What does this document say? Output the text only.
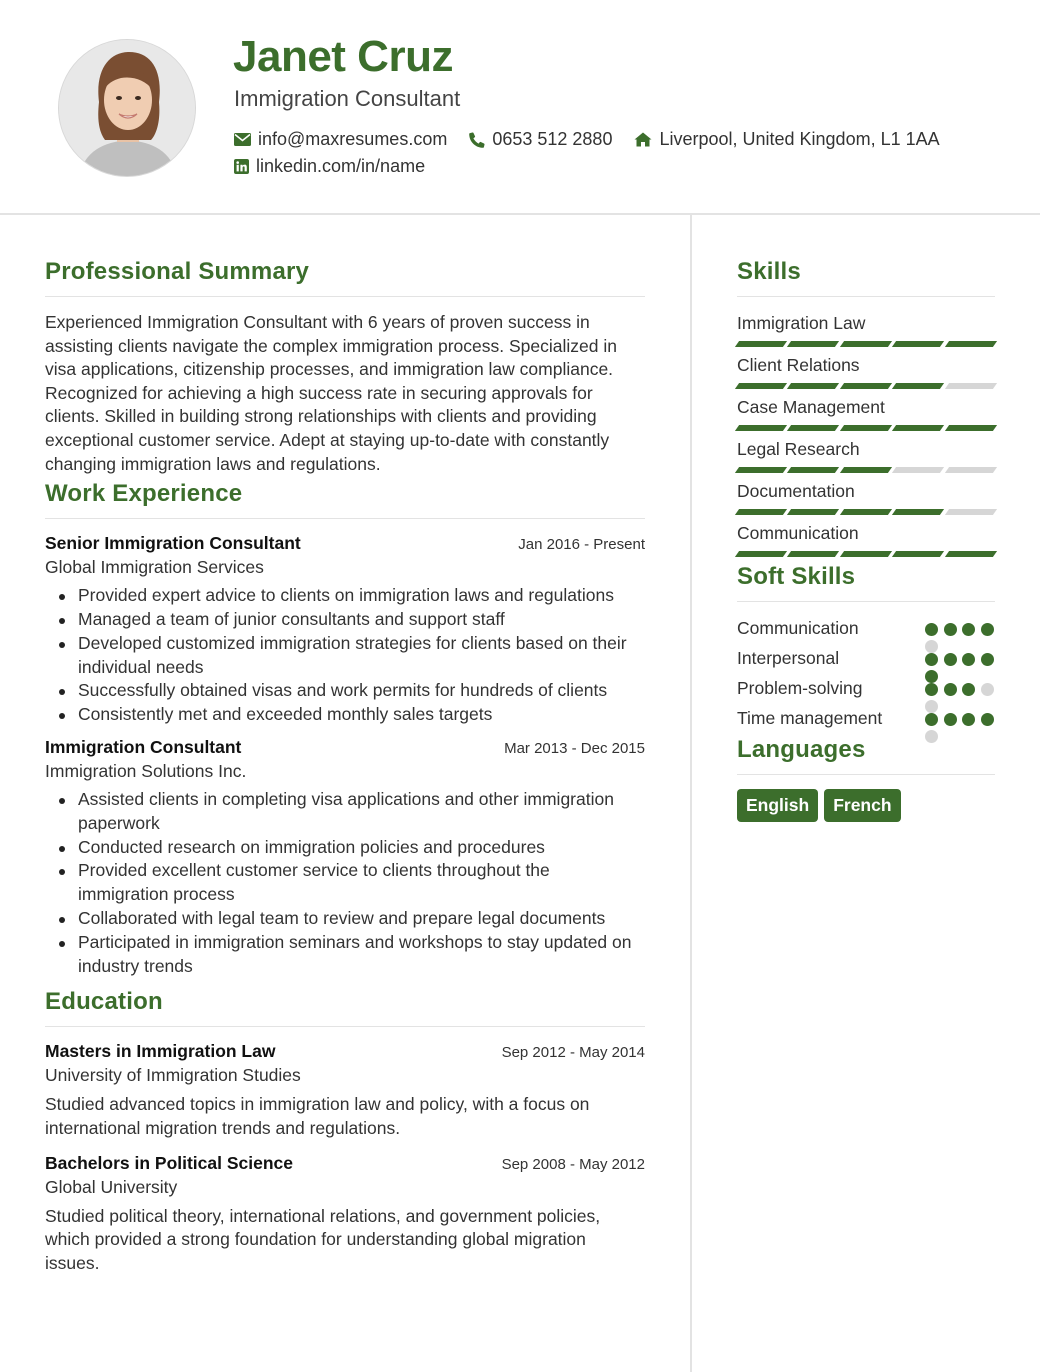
Janet Cruz
Immigration Consultant
info@maxresumes.com	0653 512 2880	Liverpool, United Kingdom, L1 1AA
linkedin.com/in/name
Professional Summary

Experienced Immigration Consultant with 6 years of proven success in assisting clients navigate the complex immigration process. Specialized in visa applications, citizenship processes, and immigration law compliance. Recognized for achieving a high success rate in securing approvals for clients. Skilled in building strong relationships with clients and providing exceptional customer service. Adept at staying up-to-date with constantly changing immigration laws and regulations.

Work Experience
Senior Immigration Consultant	Jan 2016 - Present
Global Immigration Services
Provided expert advice to clients on immigration laws and regulations
Managed a team of junior consultants and support staff
Developed customized immigration strategies for clients based on their individual needs
Successfully obtained visas and work permits for hundreds of clients
Consistently met and exceeded monthly sales targets
Immigration Consultant	Mar 2013 - Dec 2015
Immigration Solutions Inc.
Assisted clients in completing visa applications and other immigration paperwork
Conducted research on immigration policies and procedures
Provided excellent customer service to clients throughout the immigration process
Collaborated with legal team to review and prepare legal documents
Participated in immigration seminars and workshops to stay updated on industry trends
Education
Masters in Immigration Law	Sep 2012 - May 2014
University of Immigration Studies

Studied advanced topics in immigration law and policy, with a focus on international migration trends and regulations.

Bachelors in Political Science	Sep 2008 - May 2012
Global University

Studied political theory, international relations, and government policies, which provided a strong foundation for understanding global migration issues.

Skills
Immigration Law
Client Relations
Case Management
Legal Research
Documentation
Communication
Soft Skills
Communication
Interpersonal
Problem-solving
Time management
Languages
English	French
